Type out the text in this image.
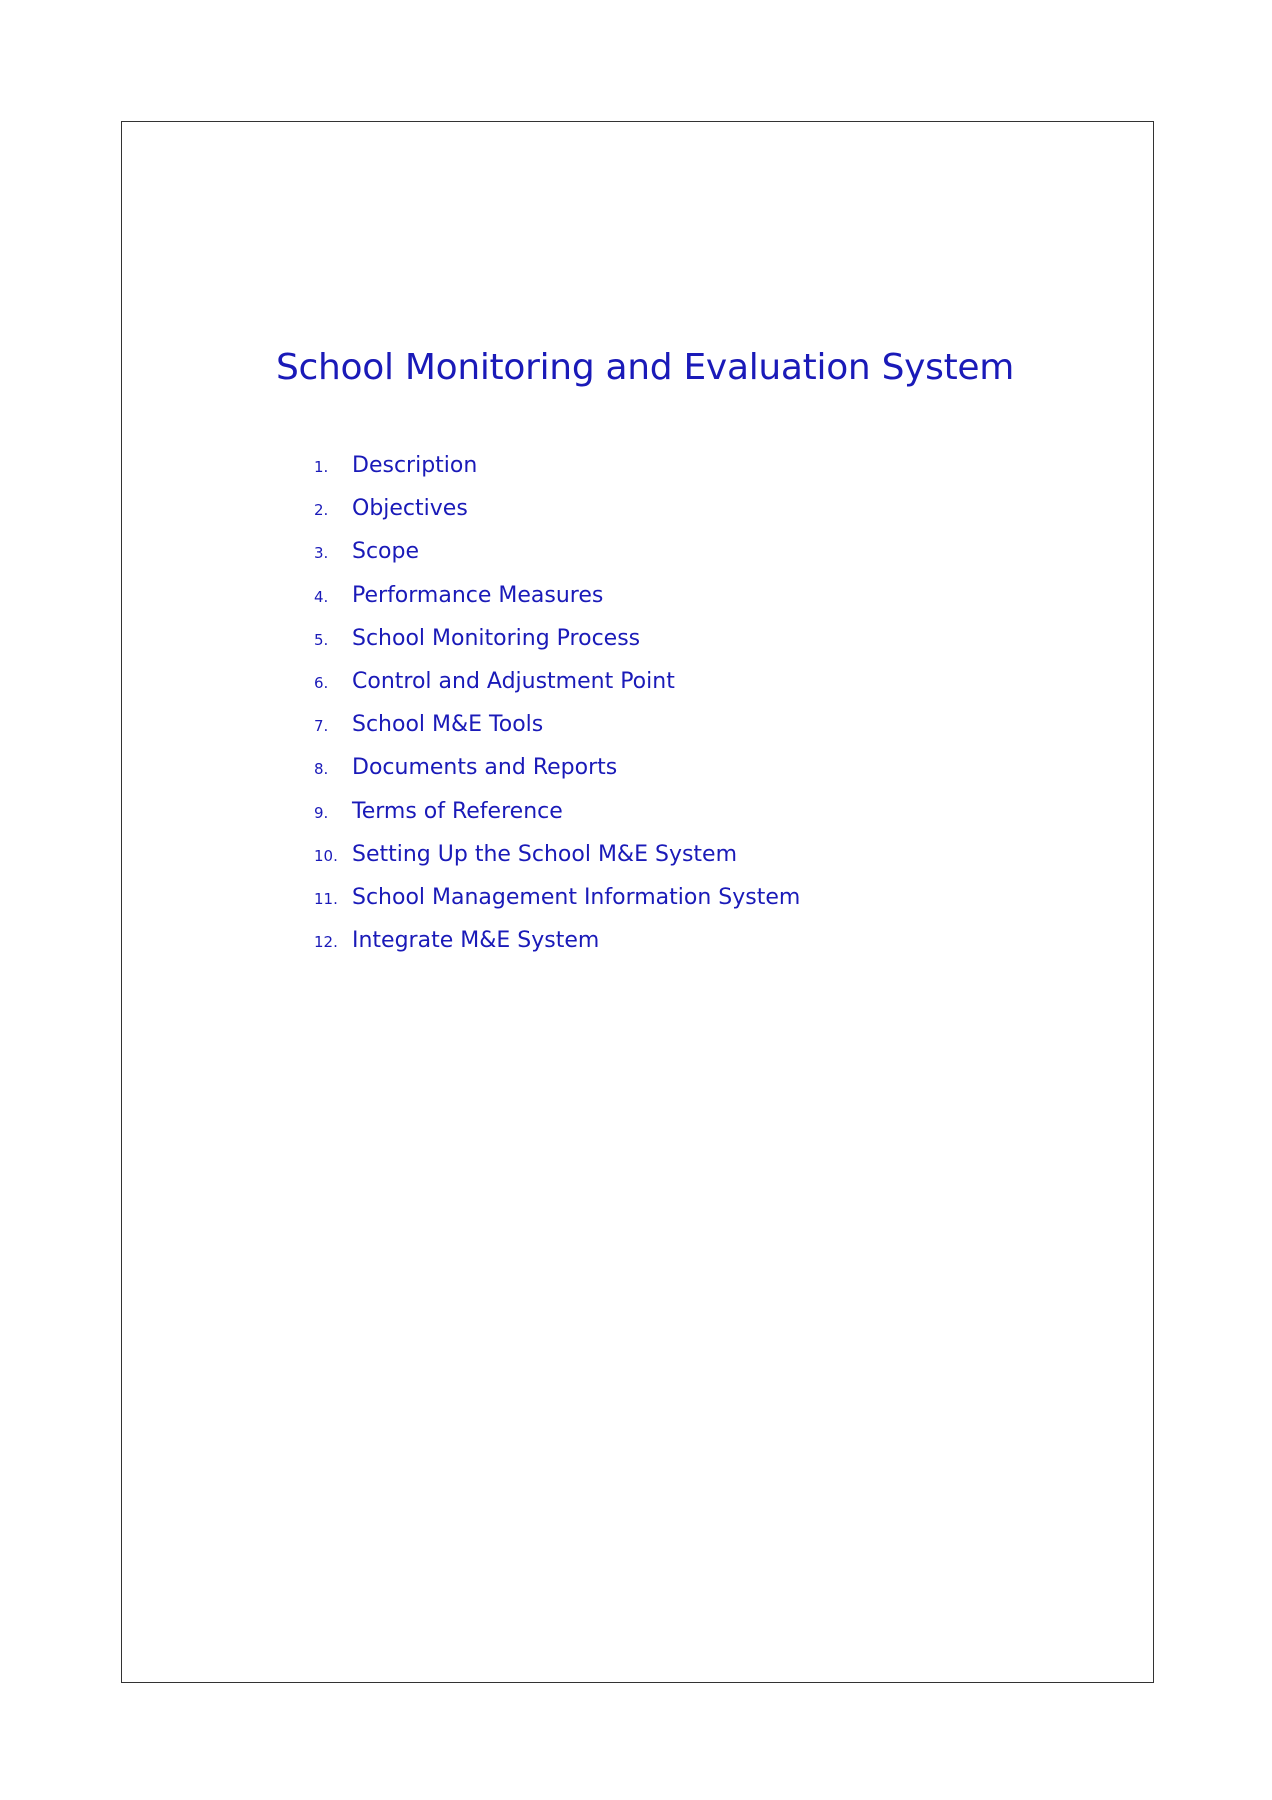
School Monitoring and Evaluation System
1.	Description
2.	Objectives
3.	Scope
4.	Performance Measures
5.	School Monitoring Process
6.	Control and Adjustment Point
7.	School M&E Tools
8.	Documents and Reports
9.	Terms of Reference
10. Setting Up the School M&E System
11. School Management Information System
12. Integrate M&E System
